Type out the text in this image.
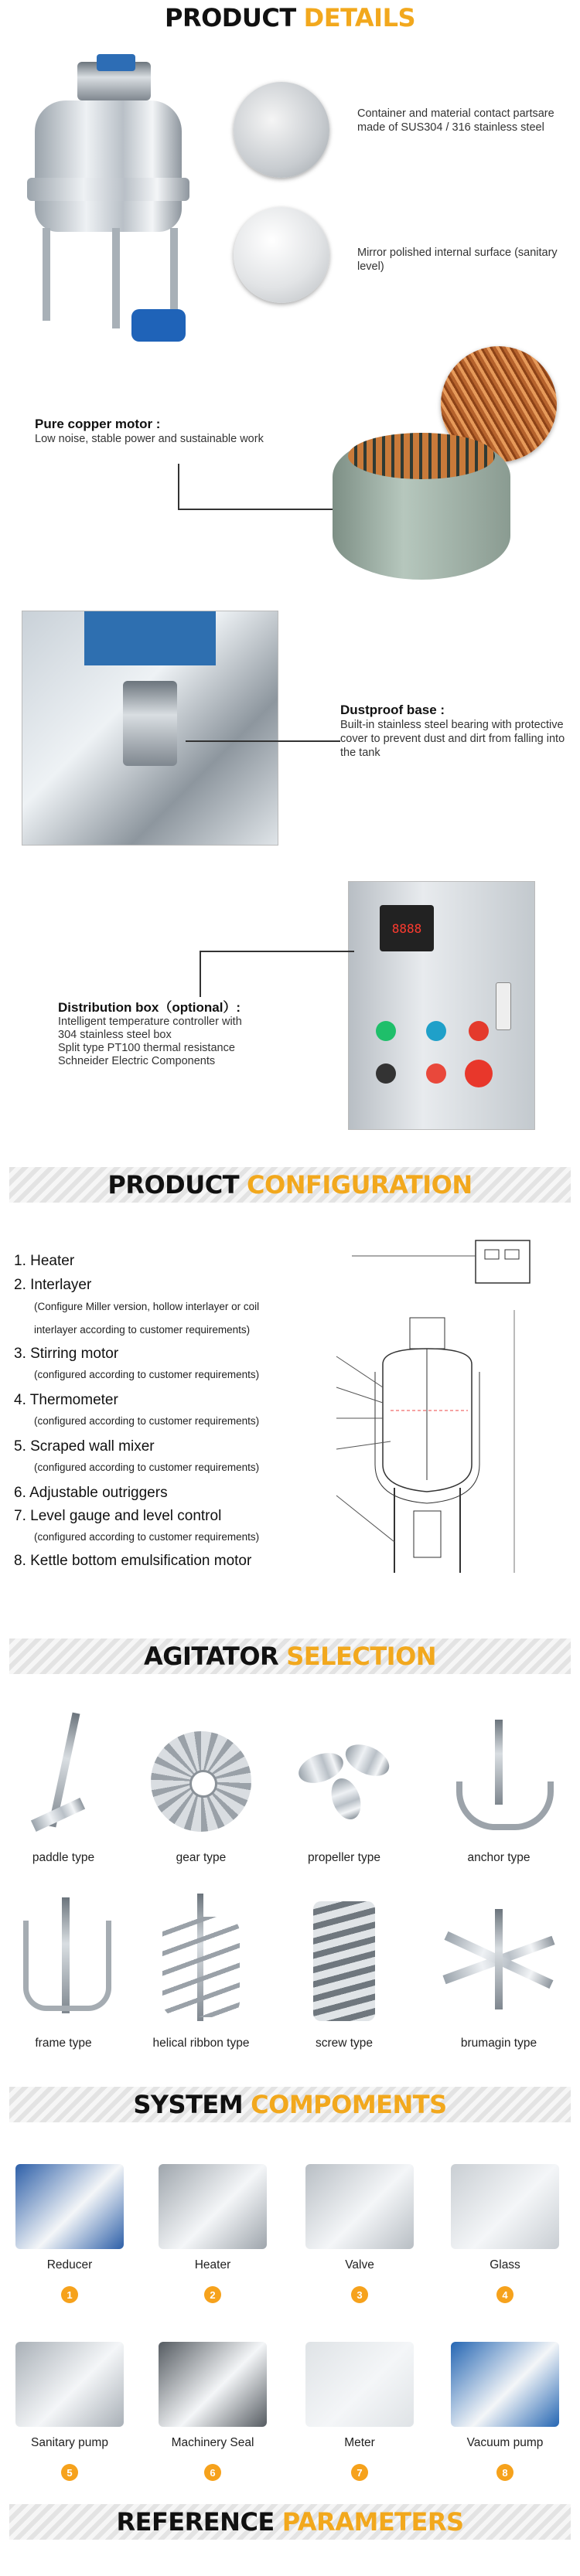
PRODUCT DETAILS
Container and material contact partsare made of SUS304 / 316 stainless steel
Mirror polished internal surface (sanitary level)
Pure copper motor :
Low noise, stable power and sustainable work
Dustproof base :
Built-in stainless steel bearing with protective cover to prevent dust and dirt from falling into the tank
8888
Distribution box（optional）:
Intelligent temperature controller with
304 stainless steel box
Split type PT100 thermal resistance
Schneider Electric Components
PRODUCT CONFIGURATION
1. Heater
2. Interlayer
(Configure Miller version, hollow interlayer or coil
interlayer according to customer requirements)
3. Stirring motor
(configured according to customer requirements)
4. Thermometer
(configured according to customer requirements)
5. Scraped wall mixer
(configured according to customer requirements)
6. Adjustable outriggers
7. Level gauge and level control
(configured according to customer requirements)
8. Kettle bottom emulsification motor
AGITATOR SELECTION
paddle type	gear type	propeller type	anchor type
frame type	helical ribbon type	screw type	brumagin type
SYSTEM COMPOMENTS
Reducer
1
Heater
2
Valve
3
Glass
4
Sanitary pump
5
Machinery Seal
6
Meter
7
Vacuum pump
8
REFERENCE PARAMETERS
